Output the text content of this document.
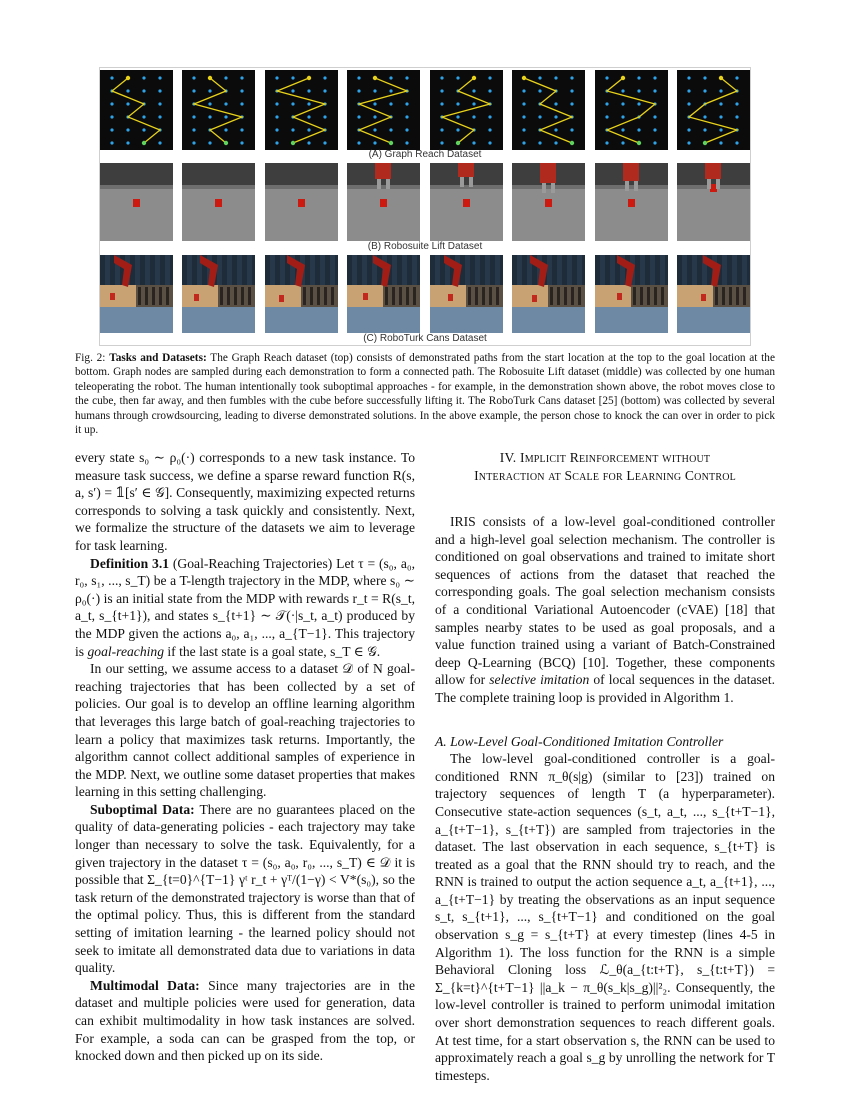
(A) Graph Reach Dataset
(B) Robosuite Lift Dataset
(C) RoboTurk Cans Dataset
Fig. 2: Tasks and Datasets: The Graph Reach dataset (top) consists of demonstrated paths from the start location at the top to the goal location at the bottom. Graph nodes are sampled during each demonstration to form a connected path. The Robosuite Lift dataset (middle) was collected by one human teleoperating the robot. The human intentionally took suboptimal approaches - for example, in the demonstration shown above, the robot moves close to the cube, then far away, and then fumbles with the cube before successfully lifting it. The RoboTurk Cans dataset [25] (bottom) was collected by several humans through crowdsourcing, leading to diverse demonstrated solutions. In the above example, the person chose to knock the can over in order to pick it up.

every state s₀ ∼ ρ₀(·) corresponds to a new task instance. To measure task success, we define a sparse reward function R(s, a, s′) = 𝟙[s′ ∈ 𝒢]. Consequently, maximizing expected returns corresponds to solving a task quickly and consistently. Next, we formalize the structure of the datasets we aim to leverage for task learning.

Definition 3.1 (Goal-Reaching Trajectories) Let τ = (s₀, a₀, r₀, s₁, ..., s_T) be a T-length trajectory in the MDP, where s₀ ∼ ρ₀(·) is an initial state from the MDP with rewards r_t = R(s_t, a_t, s_{t+1}), and states s_{t+1} ∼ 𝒯(·|s_t, a_t) produced by the MDP given the actions a₀, a₁, ..., a_{T−1}. This trajectory is goal-reaching if the last state is a goal state, s_T ∈ 𝒢.

In our setting, we assume access to a dataset 𝒟 of N goal-reaching trajectories that has been collected by a set of policies. Our goal is to develop an offline learning algorithm that leverages this large batch of goal-reaching trajectories to learn a policy that maximizes task returns. Importantly, the algorithm cannot collect additional samples of experience in the MDP. Next, we outline some dataset properties that makes learning in this setting challenging.

Suboptimal Data: There are no guarantees placed on the quality of data-generating policies - each trajectory may take longer than necessary to solve the task. Equivalently, for a given trajectory in the dataset τ = (s₀, a₀, r₀, ..., s_T) ∈ 𝒟 it is possible that Σ_{t=0}^{T−1} γᵗ r_t + γᵀ/(1−γ) < V*(s₀), so the task return of the demonstrated trajectory is worse than that of the optimal policy. Thus, this is different from the standard setting of imitation learning - the learned policy should not seek to imitate all demonstrated data due to variations in data quality.

Multimodal Data: Since many trajectories are in the dataset and multiple policies were used for generation, data can exhibit multimodality in how task instances are solved. For example, a soda can can be grasped from the top, or knocked down and then picked up on its side.

IV. Implicit Reinforcement without
Interaction at Scale for Learning Control

IRIS consists of a low-level goal-conditioned controller and a high-level goal selection mechanism. The controller is conditioned on goal observations and trained to imitate short sequences of actions from the dataset that reached the corresponding goals. The goal selection mechanism consists of a conditional Variational Autoencoder (cVAE) [18] that samples nearby states to be used as goal proposals, and a value function trained using a variant of Batch-Constrained deep Q-Learning (BCQ) [10]. Together, these components allow for selective imitation of local sequences in the dataset. The complete training loop is provided in Algorithm 1.

A. Low-Level Goal-Conditioned Imitation Controller

The low-level goal-conditioned controller is a goal-conditioned RNN π_θ(s|g) (similar to [23]) trained on trajectory sequences of length T (a hyperparameter). Consecutive state-action sequences (s_t, a_t, ..., s_{t+T−1}, a_{t+T−1}, s_{t+T}) are sampled from trajectories in the dataset. The last observation in each sequence, s_{t+T} is treated as a goal that the RNN should try to reach, and the RNN is trained to output the action sequence a_t, a_{t+1}, ..., a_{t+T−1} by treating the observations as an input sequence s_t, s_{t+1}, ..., s_{t+T−1} and conditioned on the goal observation s_g = s_{t+T} at every timestep (lines 4-5 in Algorithm 1). The loss function for the RNN is a simple Behavioral Cloning loss ℒ_θ(a_{t:t+T}, s_{t:t+T}) = Σ_{k=t}^{t+T−1} ||a_k − π_θ(s_k|s_g)||²₂. Consequently, the low-level controller is trained to perform unimodal imitation over short demonstration sequences to reach different goals. At test time, for a start observation s, the RNN can be used to approximately reach a goal s_g by unrolling the network for T timesteps.
